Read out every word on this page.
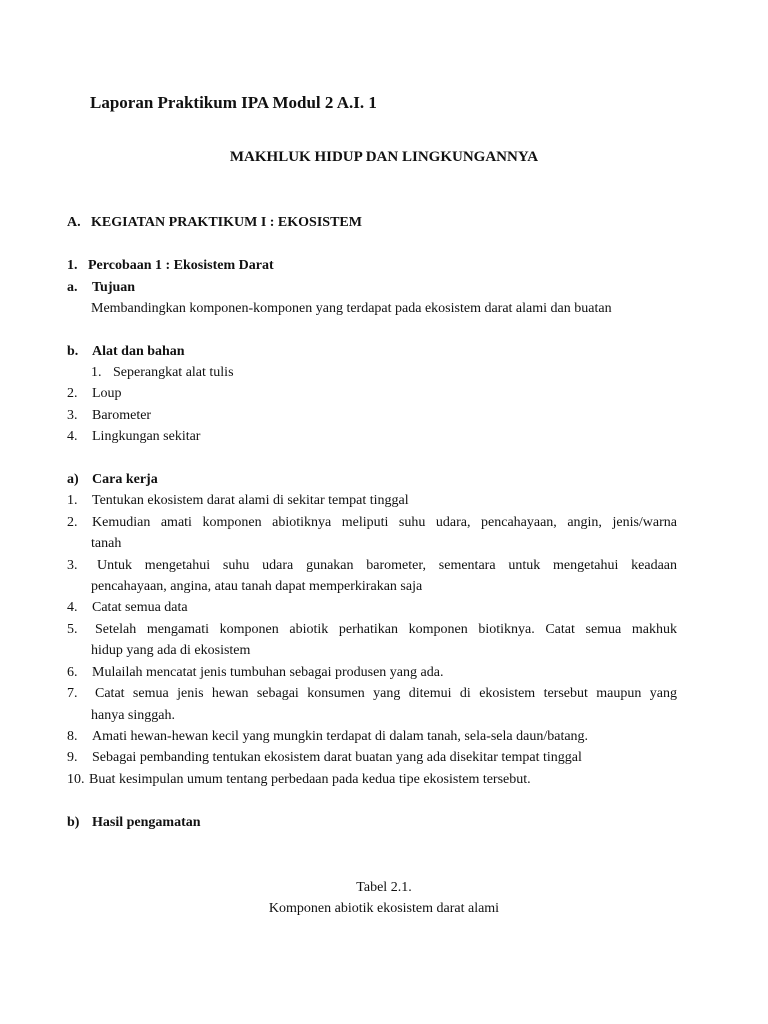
Laporan Praktikum IPA Modul 2 A.I. 1
MAKHLUK HIDUP DAN LINGKUNGANNYA
A. KEGIATAN PRAKTIKUM I : EKOSISTEM
1. Percobaan 1 : Ekosistem Darat
a. Tujuan
Membandingkan komponen-komponen yang terdapat pada ekosistem darat alami dan buatan
b. Alat dan bahan
1. Seperangkat alat tulis
2. Loup
3. Barometer
4. Lingkungan sekitar
a) Cara kerja
1. Tentukan ekosistem darat alami di sekitar tempat tinggal
2. Kemudian amati komponen abiotiknya meliputi suhu udara, pencahayaan, angin, jenis/warna
tanah
3. Untuk mengetahui suhu udara gunakan barometer, sementara untuk mengetahui keadaan
pencahayaan, angina, atau tanah dapat memperkirakan saja
4. Catat semua data
5. Setelah mengamati komponen abiotik perhatikan komponen biotiknya. Catat semua makhuk
hidup yang ada di ekosistem
6. Mulailah mencatat jenis tumbuhan sebagai produsen yang ada.
7. Catat semua jenis hewan sebagai konsumen yang ditemui di ekosistem tersebut maupun yang
hanya singgah.
8. Amati hewan-hewan kecil yang mungkin terdapat di dalam tanah, sela-sela daun/batang.
9. Sebagai pembanding tentukan ekosistem darat buatan yang ada disekitar tempat tinggal
10. Buat kesimpulan umum tentang perbedaan pada kedua tipe ekosistem tersebut.
b) Hasil pengamatan
Tabel 2.1.
Komponen abiotik ekosistem darat alami
